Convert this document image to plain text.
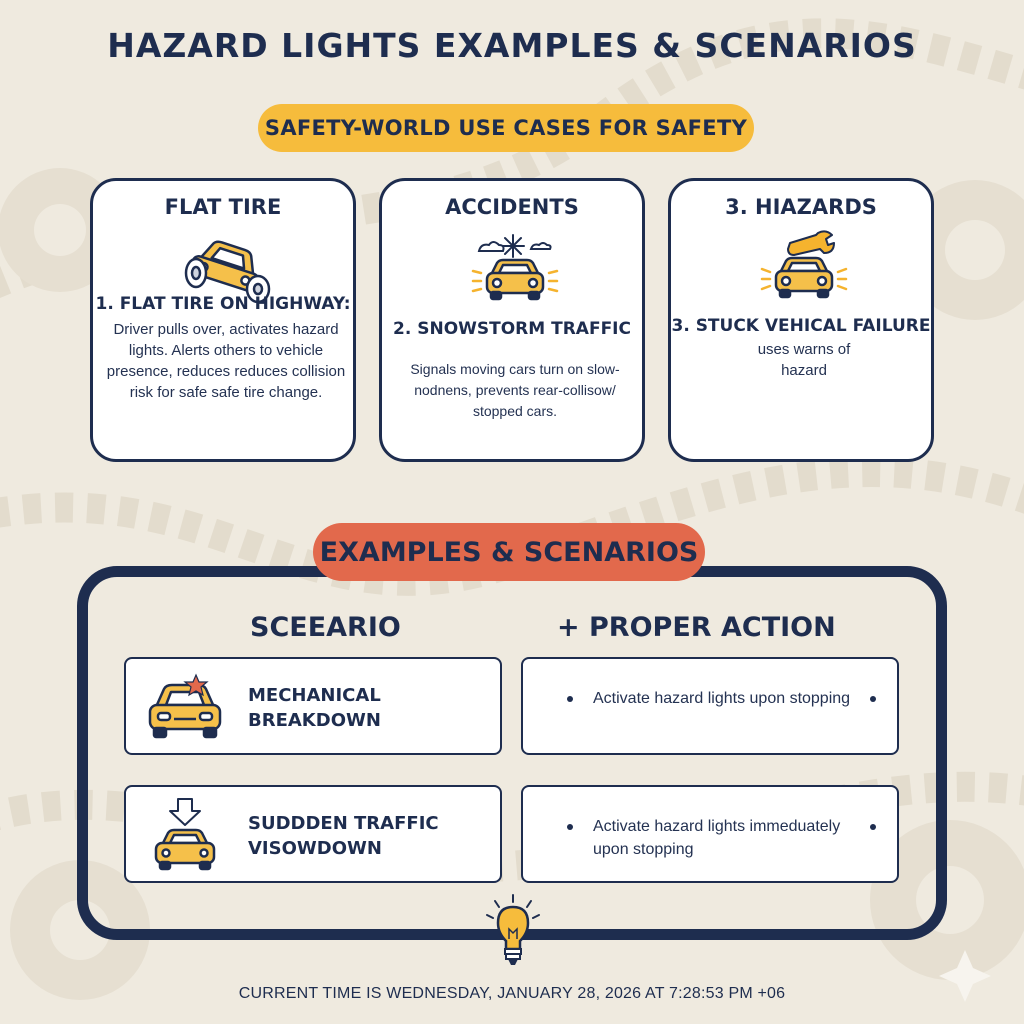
HAZARD LIGHTS EXAMPLES & SCENARIOS
SAFETY-WORLD USE CASES FOR SAFETY
FLAT TIRE
1. FLAT TIRE ON HIGHWAY:
Driver pulls over, activates hazard lights. Alerts others to vehicle presence, reduces reduces collision risk for safe safe tire change.
ACCIDENTS
2. SNOWSTORM TRAFFIC
Signals moving cars turn on slow-nodnens, prevents rear-collisow/ stopped cars.
3. HIAZARDS
3. STUCK VEHICAL FAILURE
uses warns of hazard
EXAMPLES & SCENARIOS
SCEEARIO	+ PROPER ACTION
MECHANICAL BREAKDOWN
Activate hazard lights upon stopping
SUDDDEN TRAFFIC VISOWDOWN
Activate hazard lights immeduately upon stopping
CURRENT TIME IS WEDNESDAY, JANUARY 28, 2026 AT 7:28:53 PM +06
